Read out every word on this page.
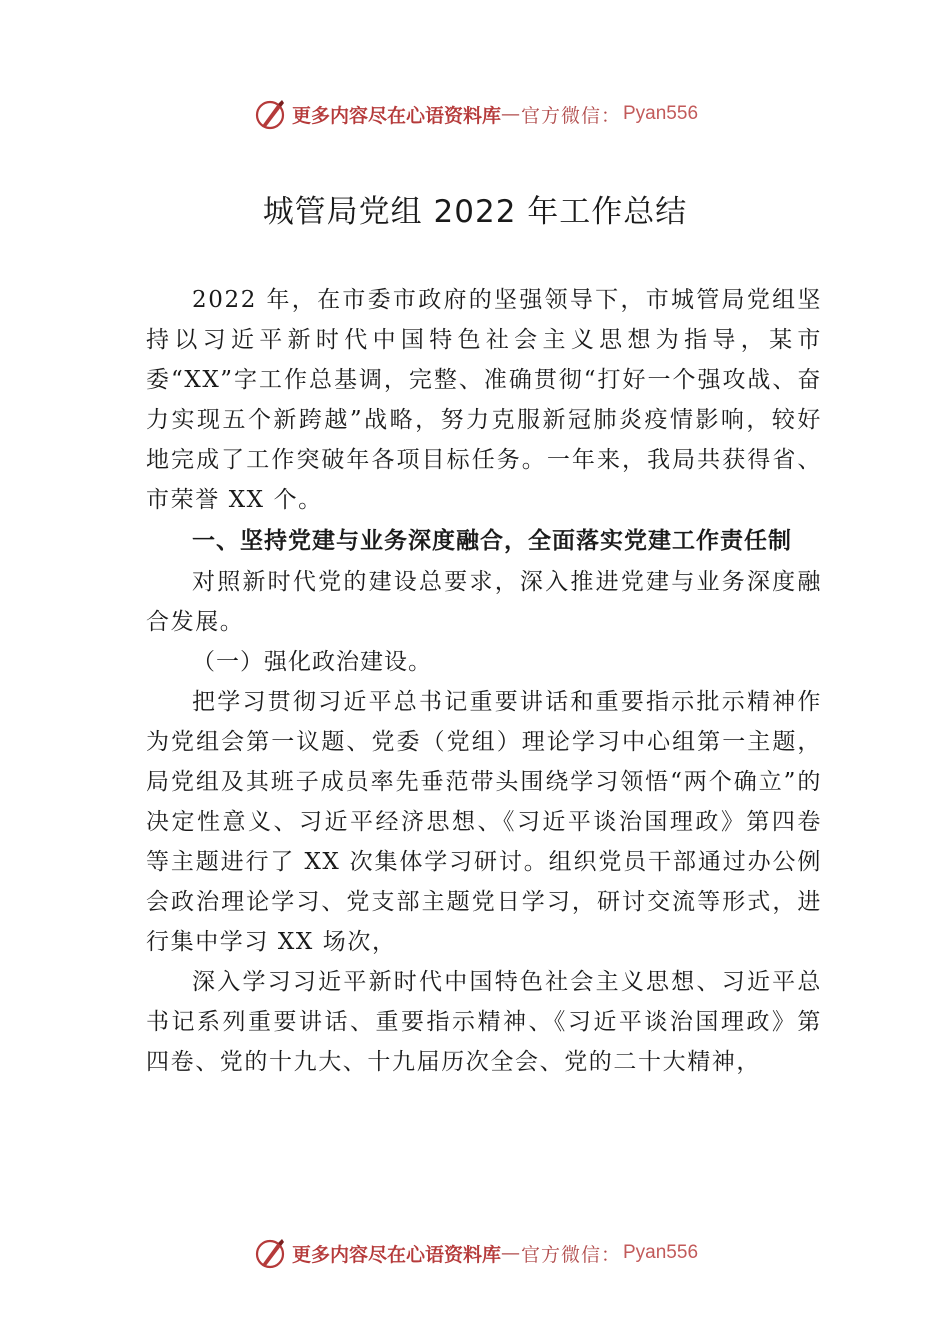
更多内容尽在心语资料库 — 官方微信： Pyan556
城管局党组 2022 年工作总结

2022 年，在市委市政府的坚强领导下，市城管局党组坚持以习近平新时代中国特色社会主义思想为指导，某市委“XX”字工作总基调，完整、准确贯彻“打好一个强攻战、奋力实现五个新跨越”战略，努力克服新冠肺炎疫情影响，较好地完成了工作突破年各项目标任务。一年来，我局共获得省、市荣誉 XX 个。

一、坚持党建与业务深度融合，全面落实党建工作责任制

对照新时代党的建设总要求，深入推进党建与业务深度融合发展。

（一）强化政治建设。

把学习贯彻习近平总书记重要讲话和重要指示批示精神作为党组会第一议题、党委（党组）理论学习中心组第一主题，局党组及其班子成员率先垂范带头围绕学习领悟“两个确立”的决定性意义、习近平经济思想、《习近平谈治国理政》第四卷等主题进行了 XX 次集体学习研讨。组织党员干部通过办公例会政治理论学习、党支部主题党日学习，研讨交流等形式，进行集中学习 XX 场次，

深入学习习近平新时代中国特色社会主义思想、习近平总书记系列重要讲话、重要指示精神、《习近平谈治国理政》第四卷、党的十九大、十九届历次全会、党的二十大精神，

更多内容尽在心语资料库 — 官方微信： Pyan556
